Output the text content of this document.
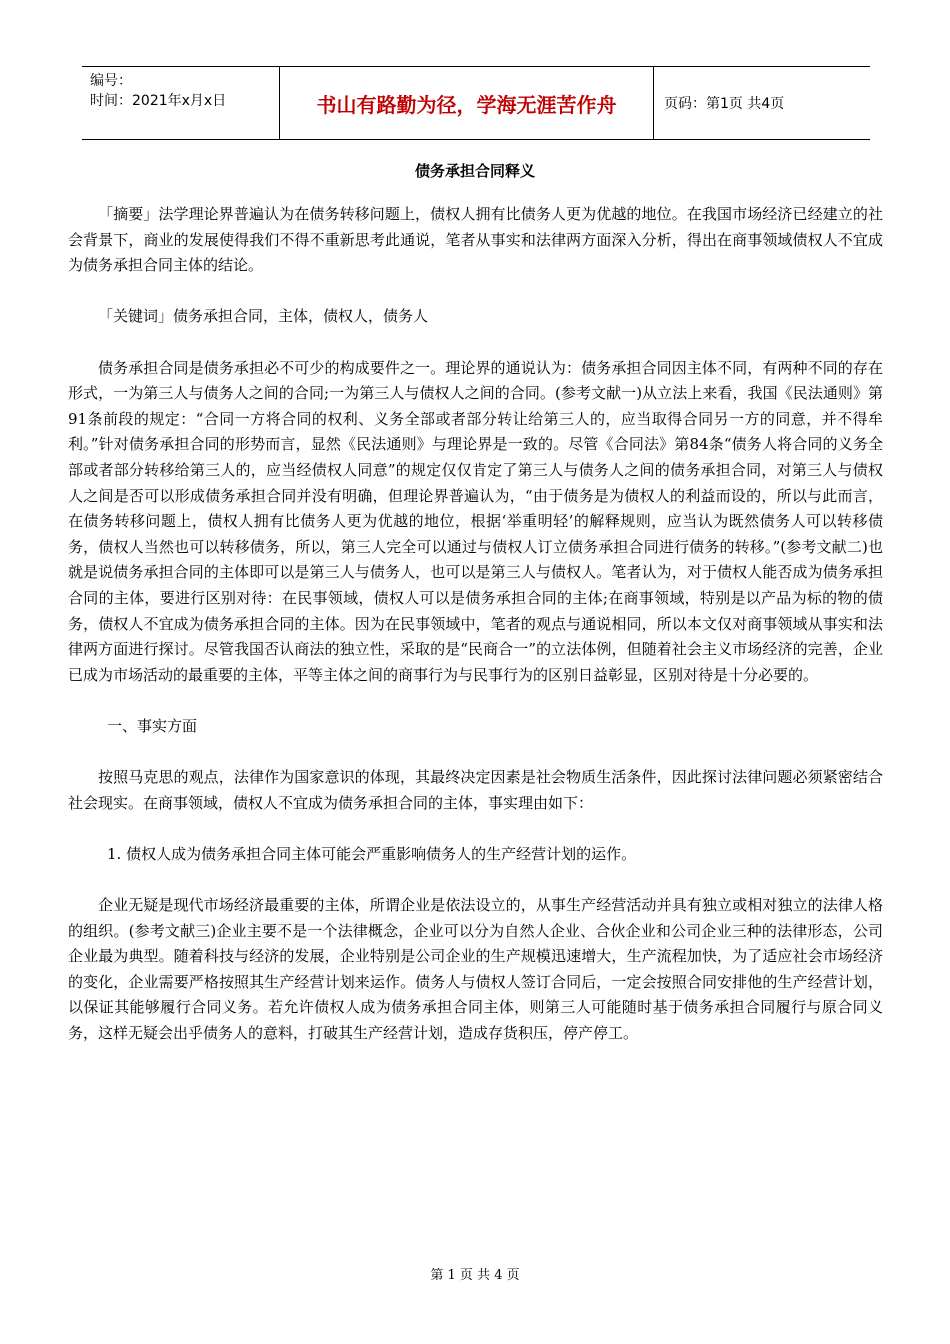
编号：
时间：2021年x月x日	书山有路勤为径，学海无涯苦作舟	页码：第1页 共4页
债务承担合同释义

「摘要」法学理论界普遍认为在债务转移问题上，债权人拥有比债务人更为优越的地位。在我国市场经济已经建立的社会背景下，商业的发展使得我们不得不重新思考此通说，笔者从事实和法律两方面深入分析，得出在商事领域债权人不宜成为债务承担合同主体的结论。

「关键词」债务承担合同，主体，债权人，债务人

债务承担合同是债务承担必不可少的构成要件之一。理论界的通说认为：债务承担合同因主体不同，有两种不同的存在形式，一为第三人与债务人之间的合同;一为第三人与债权人之间的合同。(参考文献一)从立法上来看，我国《民法通则》第91条前段的规定：“合同一方将合同的权利、义务全部或者部分转让给第三人的，应当取得合同另一方的同意，并不得牟利。”针对债务承担合同的形势而言，显然《民法通则》与理论界是一致的。尽管《合同法》第84条“债务人将合同的义务全部或者部分转移给第三人的，应当经债权人同意”的规定仅仅肯定了第三人与债务人之间的债务承担合同，对第三人与债权人之间是否可以形成债务承担合同并没有明确，但理论界普遍认为，“由于债务是为债权人的利益而设的，所以与此而言，在债务转移问题上，债权人拥有比债务人更为优越的地位，根据‘举重明轻’的解释规则，应当认为既然债务人可以转移债务，债权人当然也可以转移债务，所以，第三人完全可以通过与债权人订立债务承担合同进行债务的转移。”(参考文献二)也就是说债务承担合同的主体即可以是第三人与债务人，也可以是第三人与债权人。笔者认为，对于债权人能否成为债务承担合同的主体，要进行区别对待：在民事领域，债权人可以是债务承担合同的主体;在商事领域，特别是以产品为标的物的债务，债权人不宜成为债务承担合同的主体。因为在民事领域中，笔者的观点与通说相同，所以本文仅对商事领域从事实和法律两方面进行探讨。尽管我国否认商法的独立性，采取的是“民商合一”的立法体例，但随着社会主义市场经济的完善，企业已成为市场活动的最重要的主体，平等主体之间的商事行为与民事行为的区别日益彰显，区别对待是十分必要的。

一、事实方面

按照马克思的观点，法律作为国家意识的体现，其最终决定因素是社会物质生活条件，因此探讨法律问题必须紧密结合社会现实。在商事领域，债权人不宜成为债务承担合同的主体，事实理由如下：

1. 债权人成为债务承担合同主体可能会严重影响债务人的生产经营计划的运作。

企业无疑是现代市场经济最重要的主体，所谓企业是依法设立的，从事生产经营活动并具有独立或相对独立的法律人格的组织。(参考文献三)企业主要不是一个法律概念，企业可以分为自然人企业、合伙企业和公司企业三种的法律形态，公司企业最为典型。随着科技与经济的发展，企业特别是公司企业的生产规模迅速增大，生产流程加快，为了适应社会市场经济的变化，企业需要严格按照其生产经营计划来运作。债务人与债权人签订合同后，一定会按照合同安排他的生产经营计划，以保证其能够履行合同义务。若允许债权人成为债务承担合同主体，则第三人可能随时基于债务承担合同履行与原合同义务，这样无疑会出乎债务人的意料，打破其生产经营计划，造成存货积压，停产停工。

第 1 页 共 4 页
